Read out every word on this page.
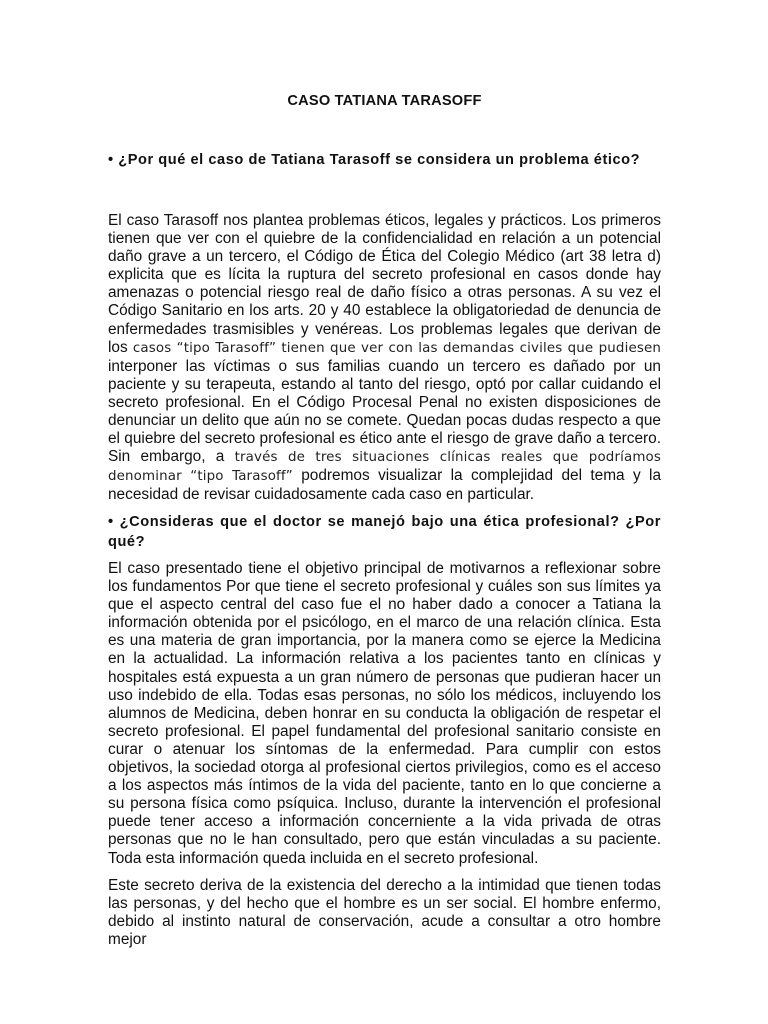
CASO TATIANA TARASOFF
• ¿Por qué el caso de Tatiana Tarasoff se considera un problema ético?

El caso Tarasoff nos plantea problemas éticos, legales y prácticos. Los primeros tienen que ver con el quiebre de la confidencialidad en relación a un potencial daño grave a un tercero, el Código de Ética del Colegio Médico (art 38 letra d) explicita que es lícita la ruptura del secreto profesional en casos donde hay amenazas o potencial riesgo real de daño físico a otras personas. A su vez el Código Sanitario en los arts. 20 y 40 establece la obligatoriedad de denuncia de enfermedades trasmisibles y venéreas. Los problemas legales que derivan de los casos “tipo Tarasoff” tienen que ver con las demandas civiles que pudiesen interponer las víctimas o sus familias cuando un tercero es dañado por un paciente y su terapeuta, estando al tanto del riesgo, optó por callar cuidando el secreto profesional. En el Código Procesal Penal no existen disposiciones de denunciar un delito que aún no se comete. Quedan pocas dudas respecto a que el quiebre del secreto profesional es ético ante el riesgo de grave daño a tercero. Sin embargo, a través de tres situaciones clínicas reales que podríamos denominar “tipo Tarasoff” podremos visualizar la complejidad del tema y la necesidad de revisar cuidadosamente cada caso en particular.

• ¿Consideras que el doctor se manejó bajo una ética profesional? ¿Por qué?

El caso presentado tiene el objetivo principal de motivarnos a reflexionar sobre los fundamentos Por que tiene el secreto profesional y cuáles son sus límites ya que el aspecto central del caso fue el no haber dado a conocer a Tatiana la información obtenida por el psicólogo, en el marco de una relación clínica. Esta es una materia de gran importancia, por la manera como se ejerce la Medicina en la actualidad. La información relativa a los pacientes tanto en clínicas y hospitales está expuesta a un gran número de personas que pudieran hacer un uso indebido de ella. Todas esas personas, no sólo los médicos, incluyendo los alumnos de Medicina, deben honrar en su conducta la obligación de respetar el secreto profesional. El papel fundamental del profesional sanitario consiste en curar o atenuar los síntomas de la enfermedad. Para cumplir con estos objetivos, la sociedad otorga al profesional ciertos privilegios, como es el acceso a los aspectos más íntimos de la vida del paciente, tanto en lo que concierne a su persona física como psíquica. Incluso, durante la intervención el profesional puede tener acceso a información concerniente a la vida privada de otras personas que no le han consultado, pero que están vinculadas a su paciente. Toda esta información queda incluida en el secreto profesional.

Este secreto deriva de la existencia del derecho a la intimidad que tienen todas las personas, y del hecho que el hombre es un ser social. El hombre enfermo, debido al instinto natural de conservación, acude a consultar a otro hombre mejor
